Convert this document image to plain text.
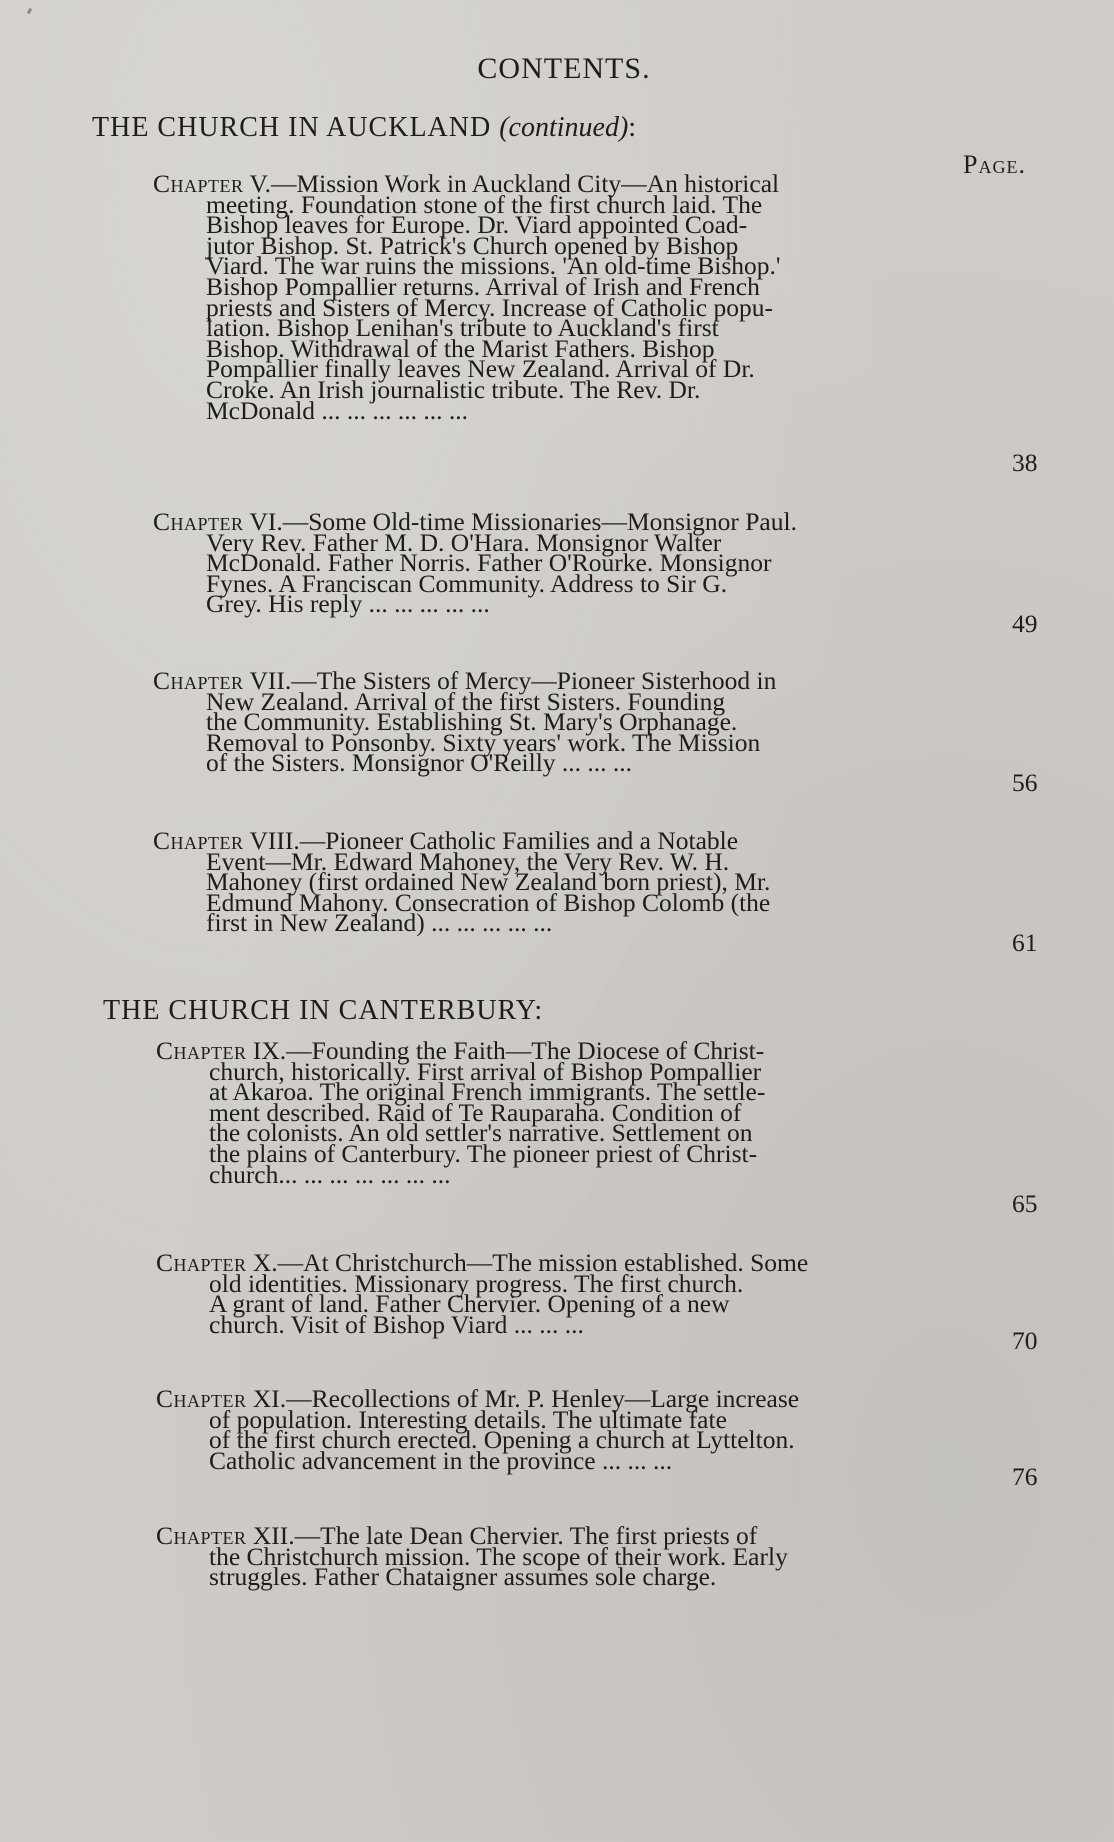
CONTENTS.
THE CHURCH IN AUCKLAND (continued):
Page.
Chapter V.—Mission Work in Auckland City—An historical
meeting. Foundation stone of the first church laid. The
Bishop leaves for Europe. Dr. Viard appointed Coad-
jutor Bishop. St. Patrick's Church opened by Bishop
Viard. The war ruins the missions. 'An old-time Bishop.'
Bishop Pompallier returns. Arrival of Irish and French
priests and Sisters of Mercy. Increase of Catholic popu-
lation. Bishop Lenihan's tribute to Auckland's first
Bishop. Withdrawal of the Marist Fathers. Bishop
Pompallier finally leaves New Zealand. Arrival of Dr.
Croke. An Irish journalistic tribute. The Rev. Dr.
McDonald ... ... ... ... ... ...
38
Chapter VI.—Some Old-time Missionaries—Monsignor Paul.
Very Rev. Father M. D. O'Hara. Monsignor Walter
McDonald. Father Norris. Father O'Rourke. Monsignor
Fynes. A Franciscan Community. Address to Sir G.
Grey. His reply ... ... ... ... ...
49
Chapter VII.—The Sisters of Mercy—Pioneer Sisterhood in
New Zealand. Arrival of the first Sisters. Founding
the Community. Establishing St. Mary's Orphanage.
Removal to Ponsonby. Sixty years' work. The Mission
of the Sisters. Monsignor O'Reilly ... ... ...
56
Chapter VIII.—Pioneer Catholic Families and a Notable
Event—Mr. Edward Mahoney, the Very Rev. W. H.
Mahoney (first ordained New Zealand born priest), Mr.
Edmund Mahony. Consecration of Bishop Colomb (the
first in New Zealand) ... ... ... ... ...
61
THE CHURCH IN CANTERBURY:
Chapter IX.—Founding the Faith—The Diocese of Christ-
church, historically. First arrival of Bishop Pompallier
at Akaroa. The original French immigrants. The settle-
ment described. Raid of Te Rauparaha. Condition of
the colonists. An old settler's narrative. Settlement on
the plains of Canterbury. The pioneer priest of Christ-
church... ... ... ... ... ... ...
65
Chapter X.—At Christchurch—The mission established. Some
old identities. Missionary progress. The first church.
A grant of land. Father Chervier. Opening of a new
church. Visit of Bishop Viard ... ... ...
70
Chapter XI.—Recollections of Mr. P. Henley—Large increase
of population. Interesting details. The ultimate fate
of the first church erected. Opening a church at Lyttelton.
Catholic advancement in the province ... ... ...
76
Chapter XII.—The late Dean Chervier. The first priests of
the Christchurch mission. The scope of their work. Early
struggles. Father Chataigner assumes sole charge.
